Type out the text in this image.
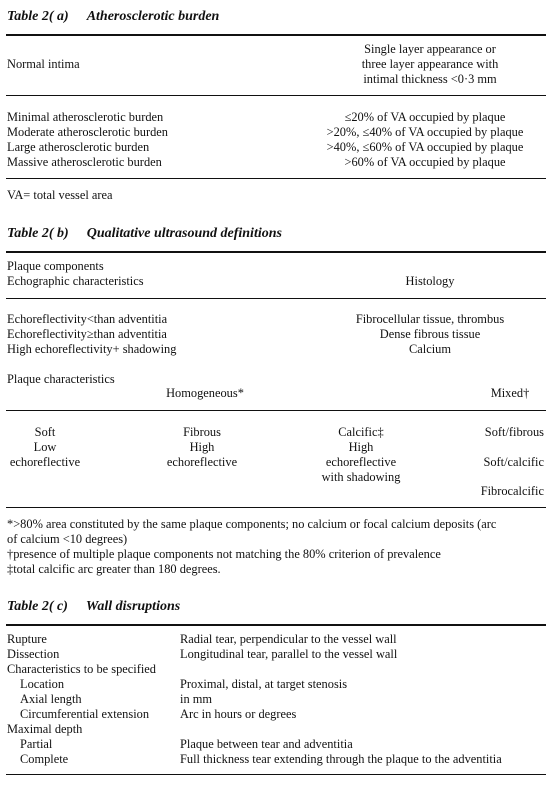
Table 2( a) Atherosclerotic burden
Normal intima
Single layer appearance or
three layer appearance with
intimal thickness <0·3 mm
Minimal atherosclerotic burden
Moderate atherosclerotic burden
Large atherosclerotic burden
Massive atherosclerotic burden
≤20% of VA occupied by plaque
>20%, ≤40% of VA occupied by plaque
>40%, ≤60% of VA occupied by plaque
>60% of VA occupied by plaque
VA= total vessel area
Table 2( b) Qualitative ultrasound definitions
Plaque components
Echographic characteristics	Histology
Echoreflectivity<than adventitia
Echoreflectivity≥than adventitia
High echoreflectivity+ shadowing
Fibrocellular tissue, thrombus
Dense fibrous tissue
Calcium
Plaque characteristics
Homogeneous*	Mixed†
Soft
Low
echoreflective
Fibrous
High
echoreflective
Calcific‡
High
echoreflective
with shadowing
Soft/fibrous
Soft/calcific
Fibrocalcific
*>80% area constituted by the same plaque components; no calcium or focal calcium deposits (arc
of calcium <10 degrees)
†presence of multiple plaque components not matching the 80% criterion of prevalence
‡total calcific arc greater than 180 degrees.
Table 2( c) Wall disruptions
Rupture
Dissection
Characteristics to be specified
Location
Axial length
Circumferential extension
Maximal depth
Partial
Complete
Radial tear, perpendicular to the vessel wall
Longitudinal tear, parallel to the vessel wall
Proximal, distal, at target stenosis
in mm
Arc in hours or degrees
Plaque between tear and adventitia
Full thickness tear extending through the plaque to the adventitia
